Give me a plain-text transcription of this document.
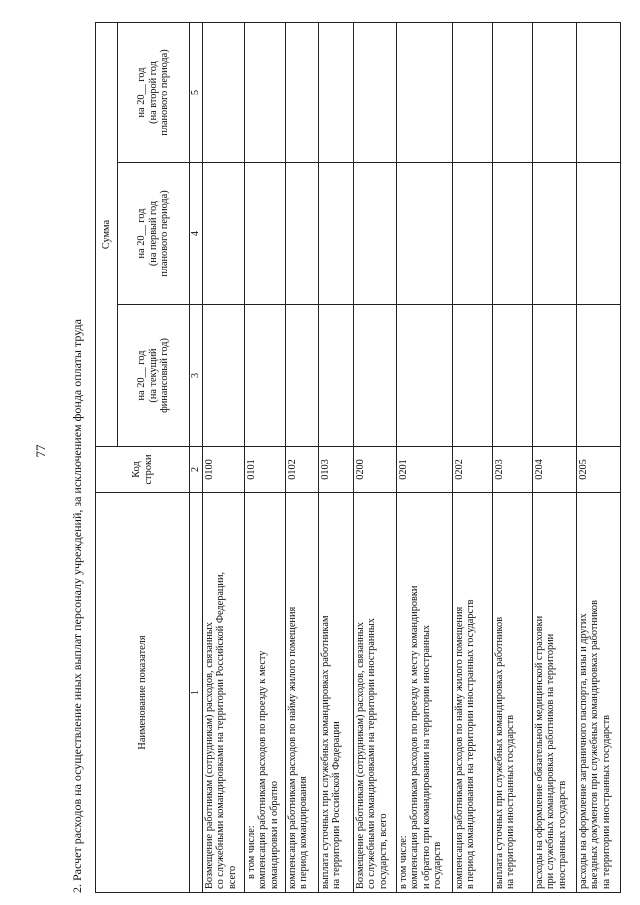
77 2. Расчет расходов на осуществление иных выплат персоналу учреждений, за исключением фонда оплаты труда	Наименование показателя	Код строки	Сумма		

		на 20__ год (на текущий финансовый год)	на 20__ год (на первый год планового периода)	на 20__ год (на второй год планового периода)

1	2	3	4	5

Возмещение работникам (сотрудникам) расходов, связанных со служебными командировками на территории Российской Федерации, всего	0100			

в том числе: компенсация работникам расходов по проезду к месту командировки и обратно	0101			

компенсация работникам расходов по найму жилого помещения в период командирования	0102			

выплата суточных при служебных командировках работникам на территории Российской Федерации	0103			

Возмещение работникам (сотрудникам) расходов, связанных со служебными командировками на территории иностранных государств, всего	0200			

в том числе: компенсация работникам расходов по проезду к месту командировки и обратно при командировании на территории иностранных государств	0201			

компенсация работникам расходов по найму жилого помещения в период командирования на территории иностранных государств	0202			

выплата суточных при служебных командировках работников на территории иностранных государств	0203			

расходы на оформление обязательной медицинской страховки при служебных командировках работников на территории иностранных государств	0204			

расходы на оформление заграничного паспорта, визы и других выездных документов при служебных командировках работников на территории иностранных государств	0205			
